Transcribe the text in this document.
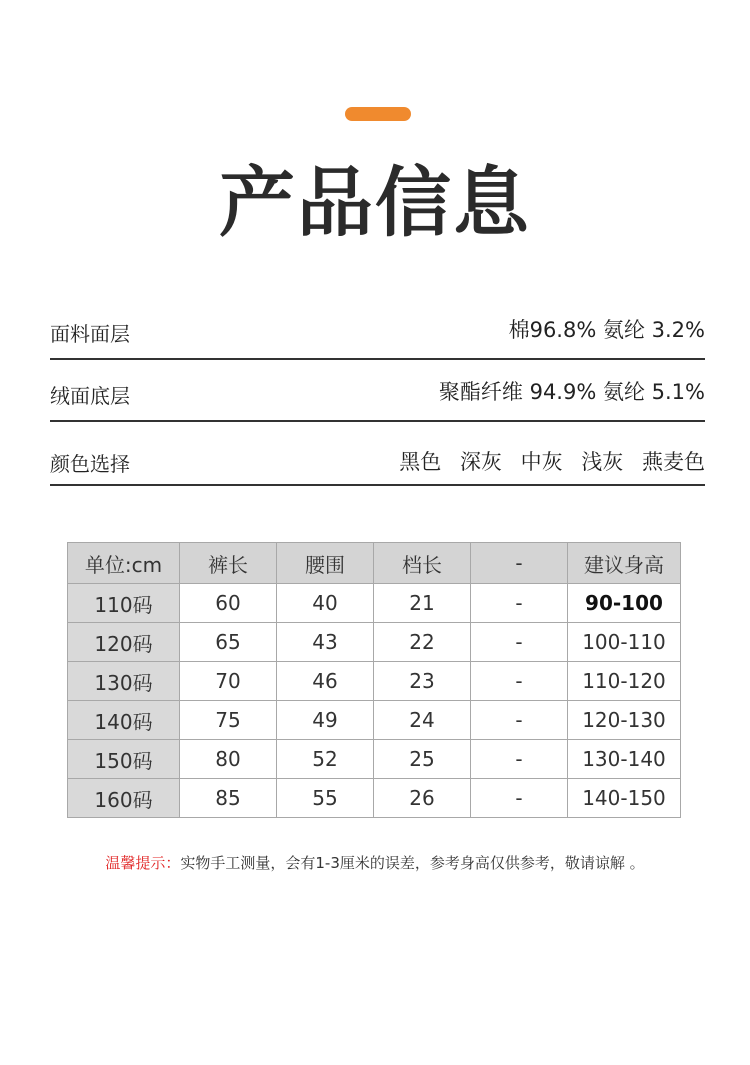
产品信息
面料面层	棉96.8% 氨纶 3.2%
绒面底层	聚酯纤维 94.9% 氨纶 5.1%
颜色选择	黑色 深灰 中灰 浅灰 燕麦色
单位:cm	裤长	腰围	档长	-	建议身高
110码	60	40	21	-	90-100
120码	65	43	22	-	100-110
130码	70	46	23	-	110-120
140码	75	49	24	-	120-130
150码	80	52	25	-	130-140
160码	85	55	26	-	140-150
温馨提示：实物手工测量，会有1-3厘米的误差，参考身高仅供参考，敬请谅解 。
